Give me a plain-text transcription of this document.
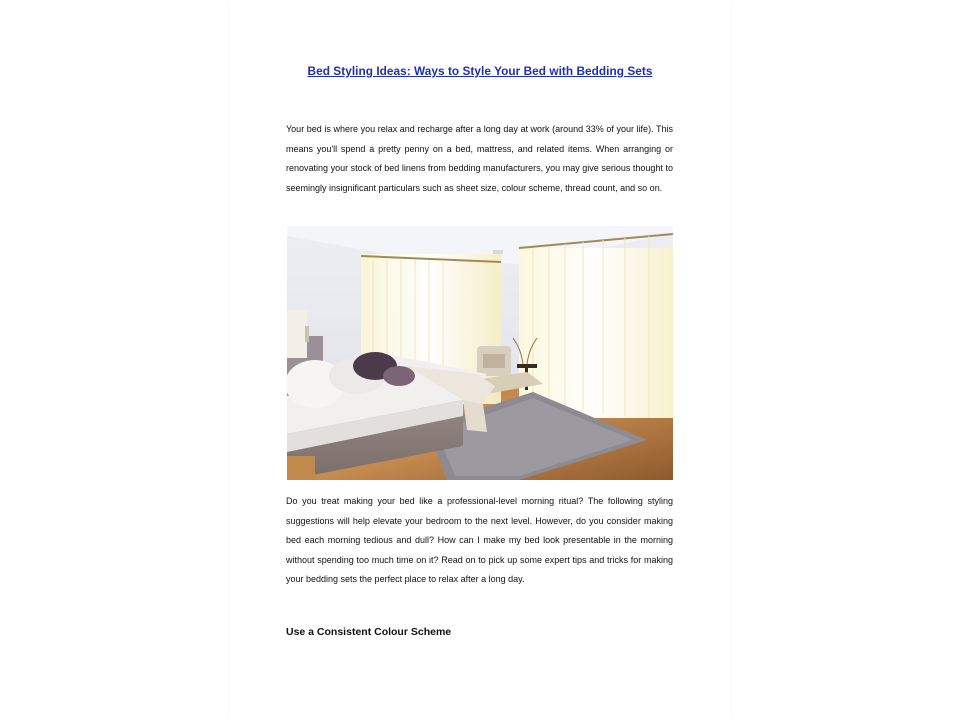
Bed Styling Ideas: Ways to Style Your Bed with Bedding Sets
Your bed is where you relax and recharge after a long day at work (around 33% of your life). This means you'll spend a pretty penny on a bed, mattress, and related items. When arranging or renovating your stock of bed linens from bedding manufacturers, you may give serious thought to seemingly insignificant particulars such as sheet size, colour scheme, thread count, and so on.
Do you treat making your bed like a professional-level morning ritual? The following styling suggestions will help elevate your bedroom to the next level. However, do you consider making bed each morning tedious and dull? How can I make my bed look presentable in the morning without spending too much time on it? Read on to pick up some expert tips and tricks for making your bedding sets the perfect place to relax after a long day.
Use a Consistent Colour Scheme
